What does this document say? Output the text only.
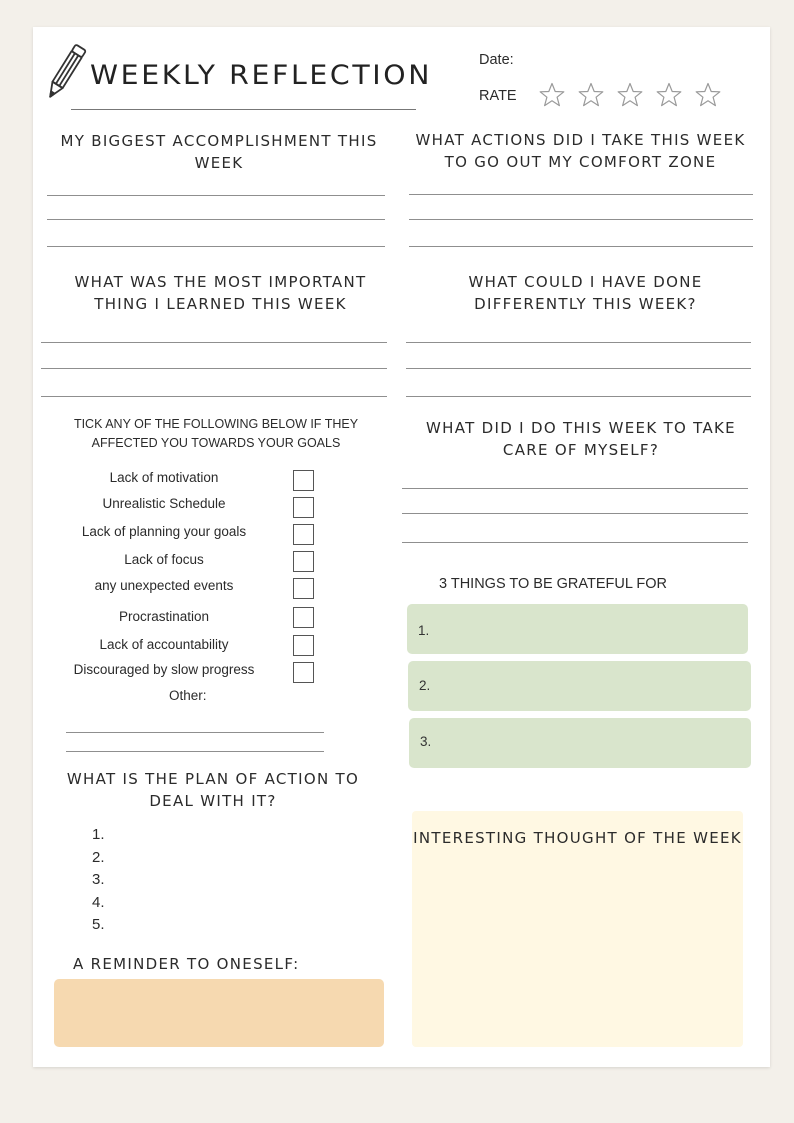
WEEKLY REFLECTION	Date:
RATE
MY BIGGEST ACCOMPLISHMENT THIS WEEK
WHAT ACTIONS DID I TAKE THIS WEEK TO GO OUT MY COMFORT ZONE
WHAT WAS THE MOST IMPORTANT THING I LEARNED THIS WEEK
WHAT COULD I HAVE DONE DIFFERENTLY THIS WEEK?
TICK ANY OF THE FOLLOWING BELOW IF THEY AFFECTED YOU TOWARDS YOUR GOALS
Lack of motivation
Unrealistic Schedule
Lack of planning your goals
Lack of focus
any unexpected events
Procrastination
Lack of accountability
Discouraged by slow progress
Other:
WHAT DID I DO THIS WEEK TO TAKE CARE OF MYSELF?
3 THINGS TO BE GRATEFUL FOR
1.
2.
3.
WHAT IS THE PLAN OF ACTION TO DEAL WITH IT?
1.
2.
3.
4.
5.
A REMINDER TO ONESELF:
INTERESTING THOUGHT OF THE WEEK
